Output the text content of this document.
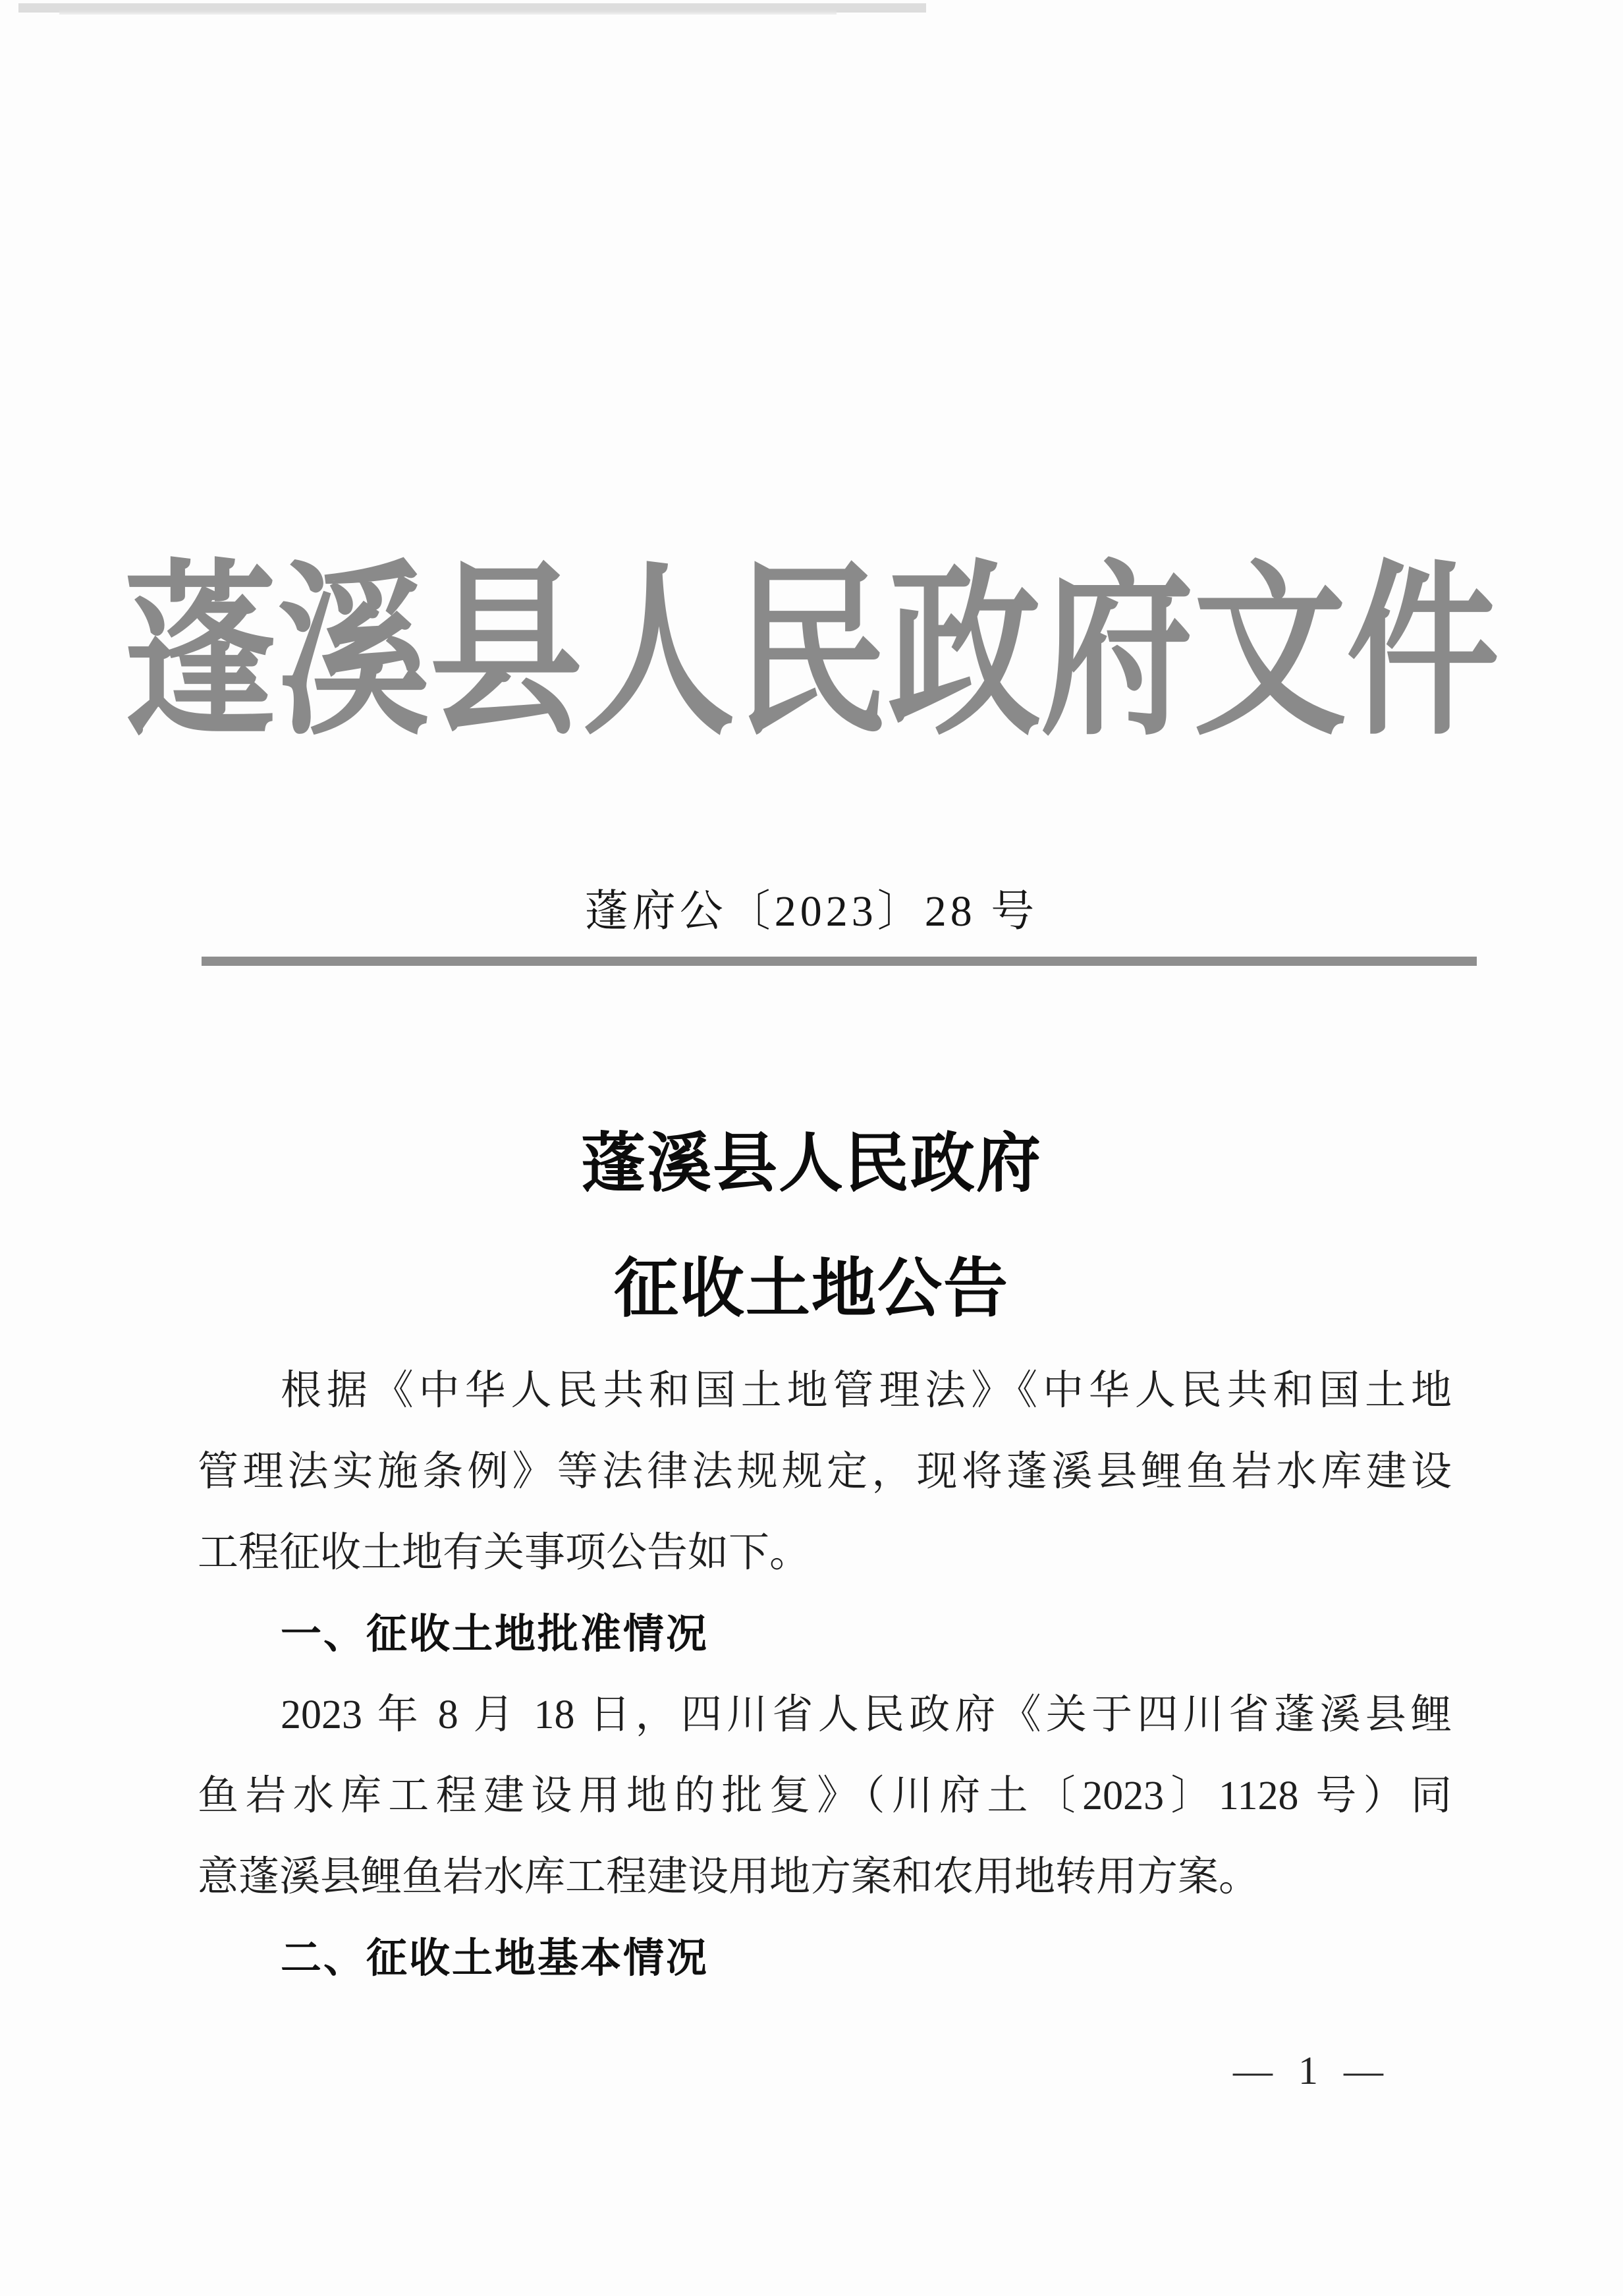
蓬溪县人民政府文件
蓬府公〔2023〕28 号
蓬溪县人民政府
征收土地公告
根据《中华人民共和国土地管理法》《中华人民共和国土地
管理法实施条例》等法律法规规定，现将蓬溪县鲤鱼岩水库建设
工程征收土地有关事项公告如下。
一、征收土地批准情况
2023 年 8 月 18 日，四川省人民政府《关于四川省蓬溪县鲤
鱼岩水库工程建设用地的批复》（川府土〔2023〕1128 号）同
意蓬溪县鲤鱼岩水库工程建设用地方案和农用地转用方案。
二、征收土地基本情况
— 1 —
